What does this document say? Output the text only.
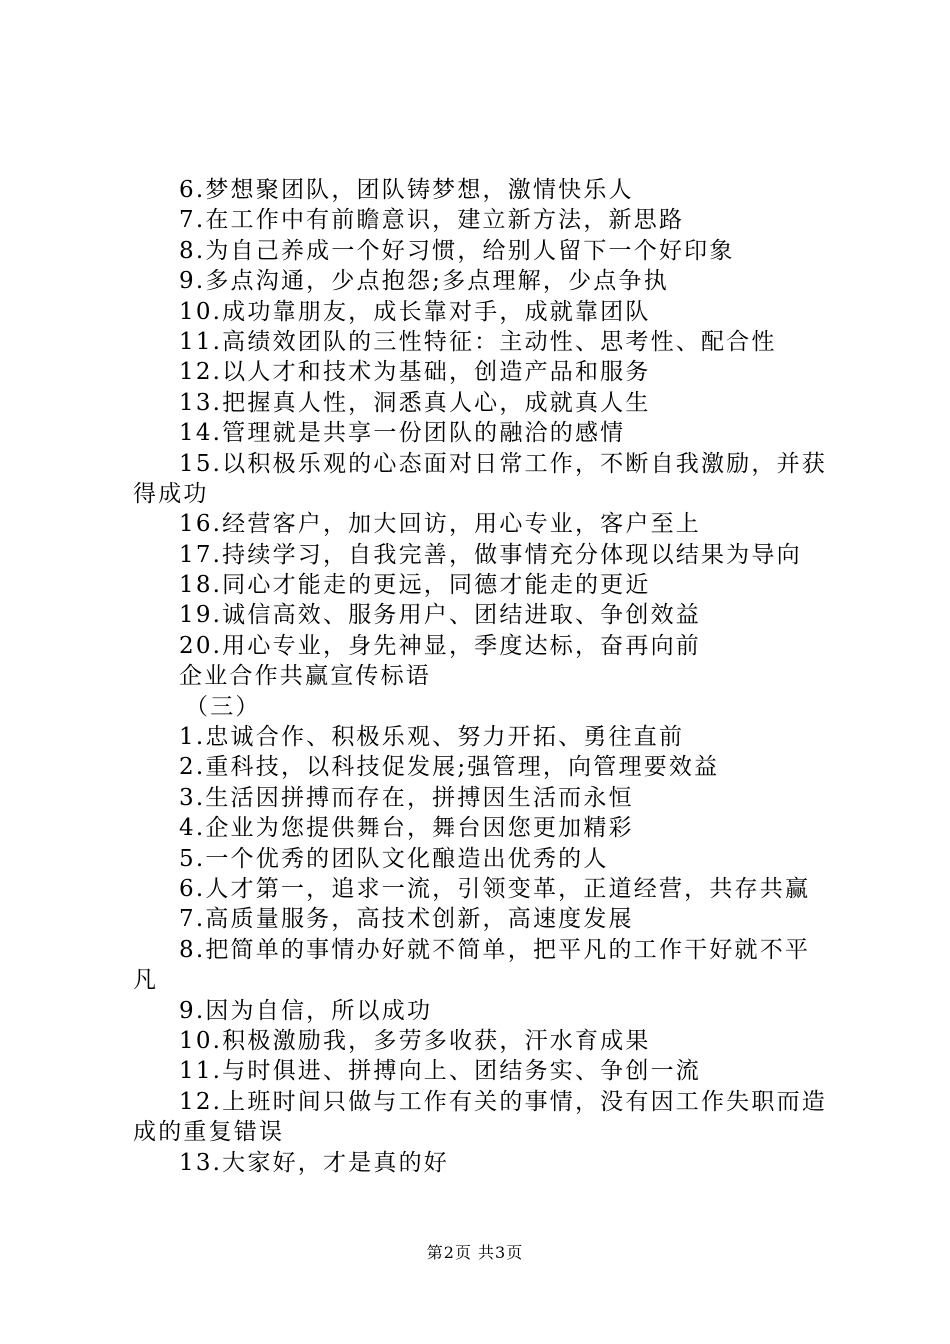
6.梦想聚团队，团队铸梦想，激情快乐人
7.在工作中有前瞻意识，建立新方法，新思路
8.为自己养成一个好习惯，给别人留下一个好印象
9.多点沟通，少点抱怨;多点理解，少点争执
10.成功靠朋友，成长靠对手，成就靠团队
11.高绩效团队的三性特征：主动性、思考性、配合性
12.以人才和技术为基础，创造产品和服务
13.把握真人性，洞悉真人心，成就真人生
14.管理就是共享一份团队的融洽的感情
15.以积极乐观的心态面对日常工作，不断自我激励，并获
得成功
16.经营客户，加大回访，用心专业，客户至上
17.持续学习，自我完善，做事情充分体现以结果为导向
18.同心才能走的更远，同德才能走的更近
19.诚信高效、服务用户、团结进取、争创效益
20.用心专业，身先神显，季度达标，奋再向前
企业合作共赢宣传标语
（三）
1.忠诚合作、积极乐观、努力开拓、勇往直前
2.重科技，以科技促发展;强管理，向管理要效益
3.生活因拼搏而存在，拼搏因生活而永恒
4.企业为您提供舞台，舞台因您更加精彩
5.一个优秀的团队文化酿造出优秀的人
6.人才第一，追求一流，引领变革，正道经营，共存共赢
7.高质量服务，高技术创新，高速度发展
8.把简单的事情办好就不简单，把平凡的工作干好就不平
凡
9.因为自信，所以成功
10.积极激励我，多劳多收获，汗水育成果
11.与时俱进、拼搏向上、团结务实、争创一流
12.上班时间只做与工作有关的事情，没有因工作失职而造
成的重复错误
13.大家好，才是真的好
第2页 共3页
